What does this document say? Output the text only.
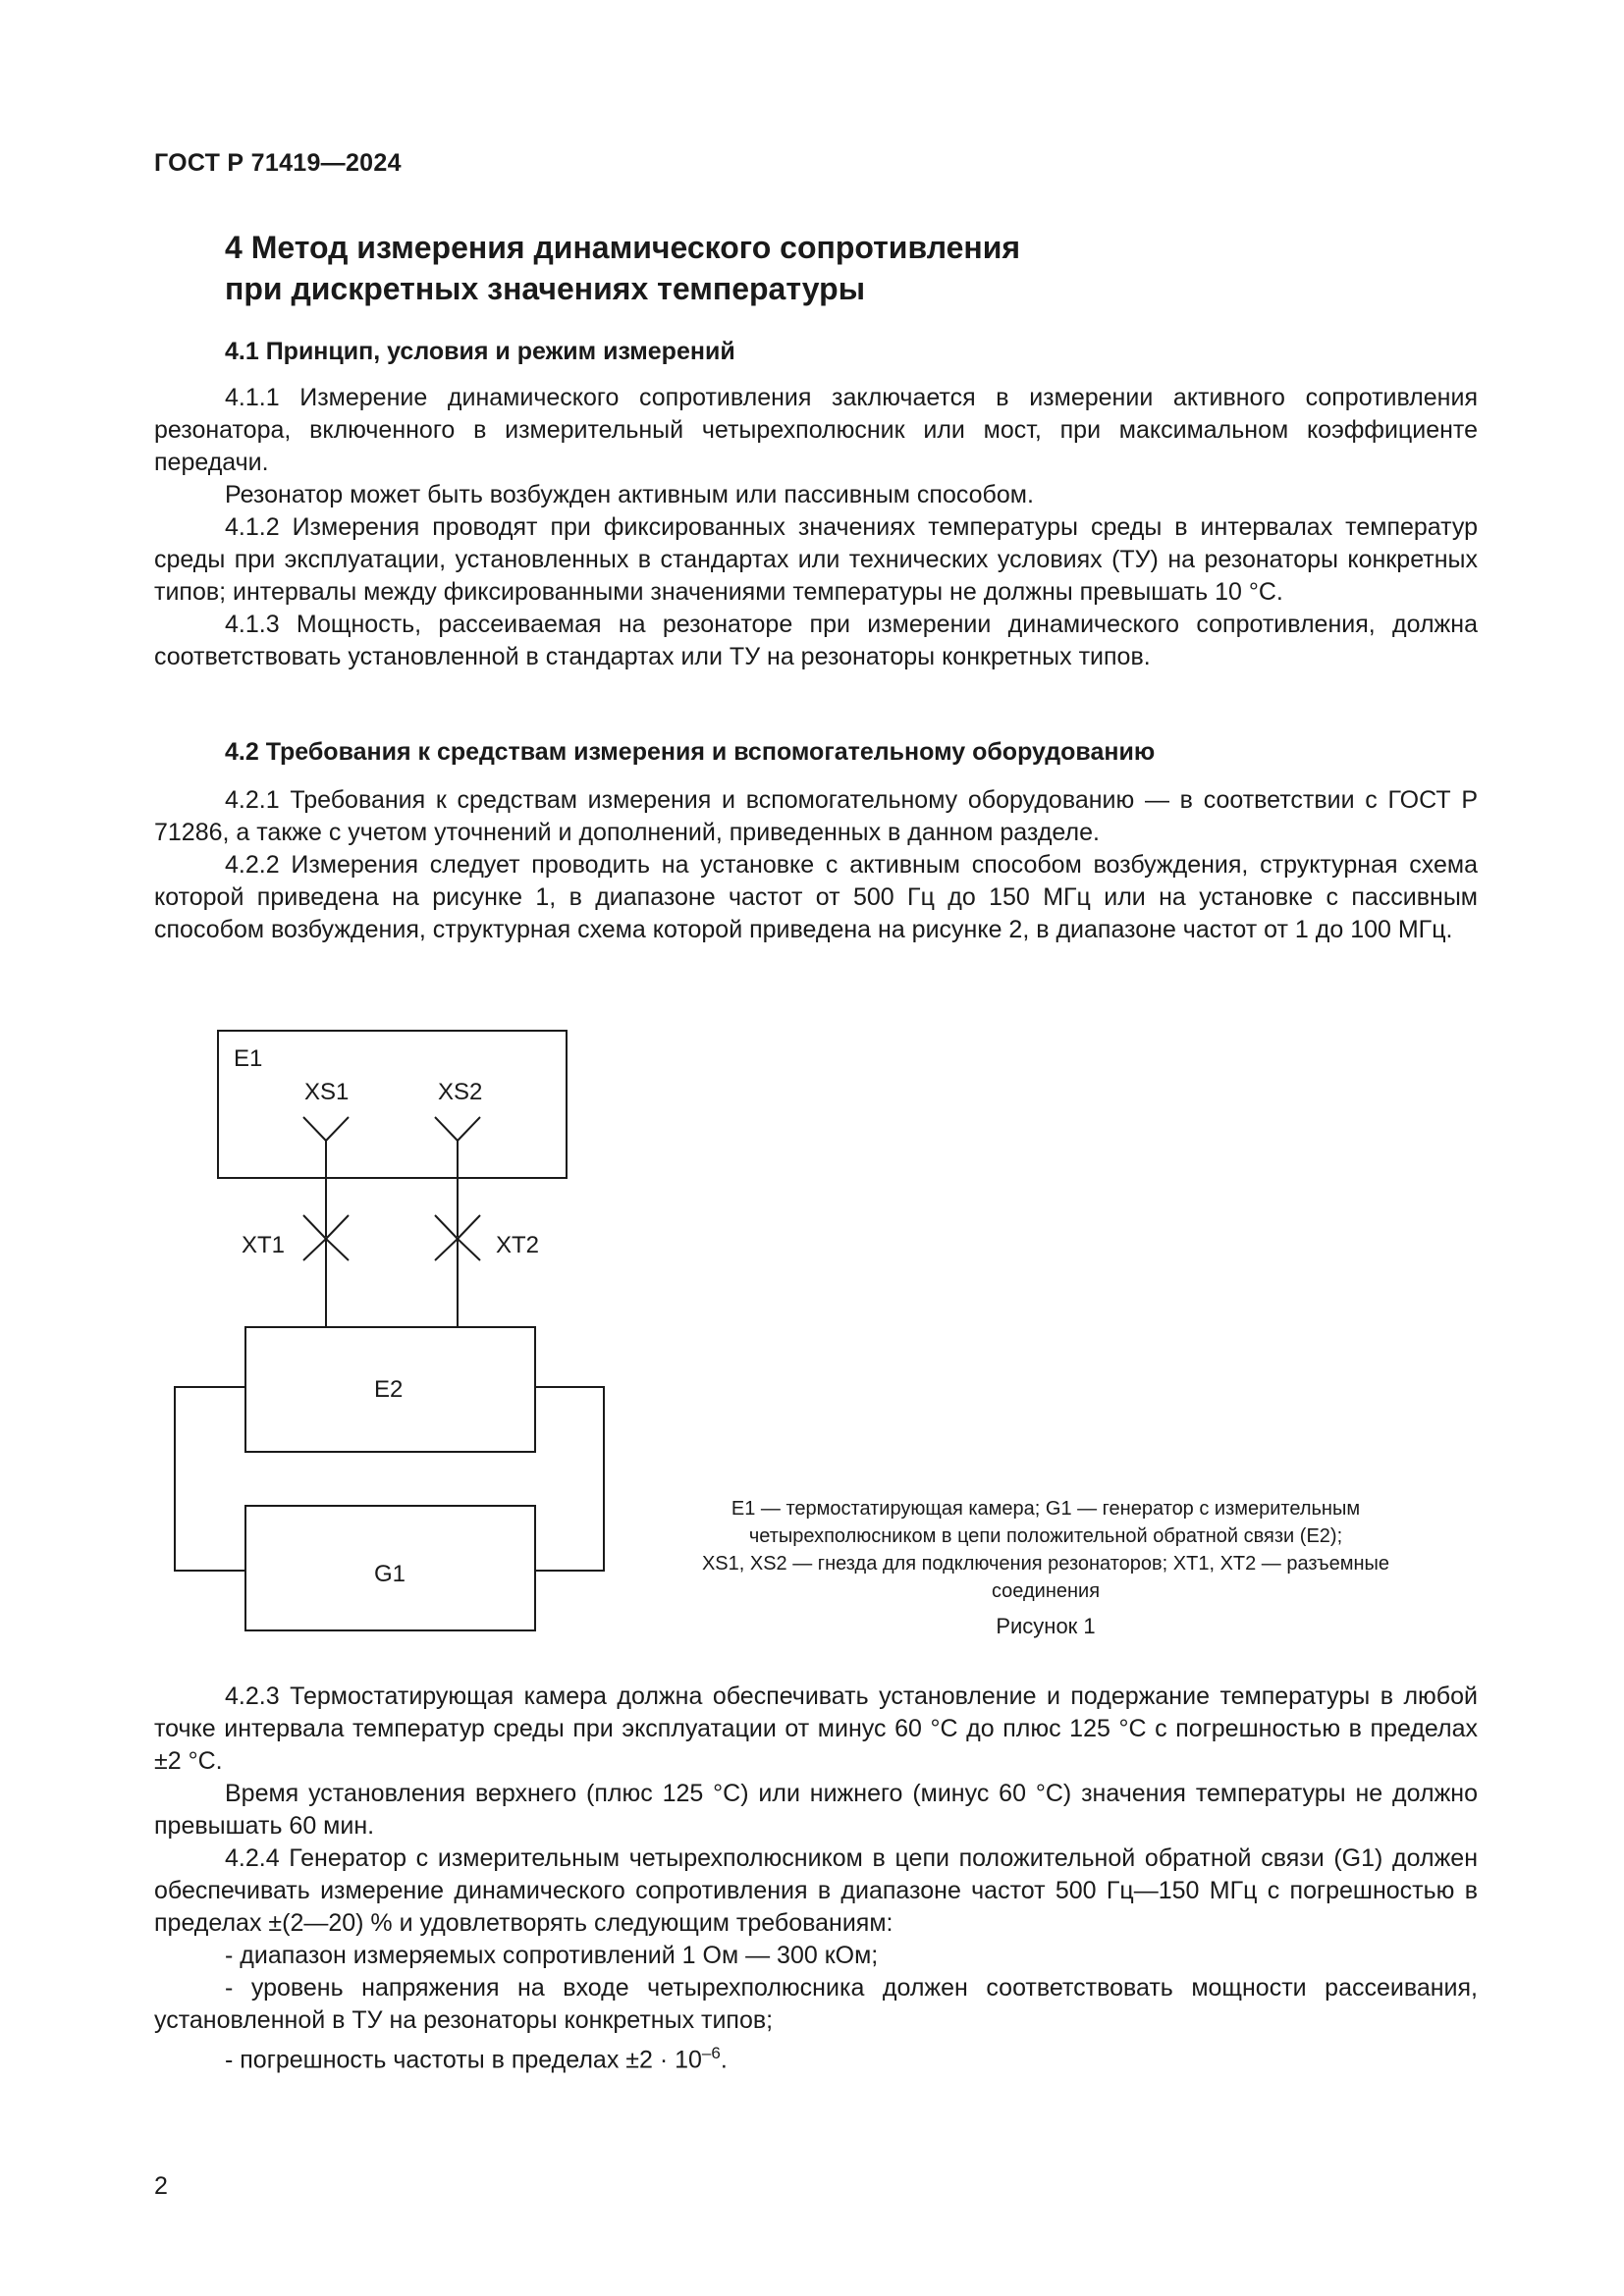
ГОСТ Р 71419—2024
4 Метод измерения динамического сопротивления
при дискретных значениях температуры
4.1 Принцип, условия и режим измерений

4.1.1 Измерение динамического сопротивления заключается в измерении активного сопротивления резонатора, включенного в измерительный четырехполюсник или мост, при максимальном коэффициенте передачи.

Резонатор может быть возбужден активным или пассивным способом.

4.1.2 Измерения проводят при фиксированных значениях температуры среды в интервалах температур среды при эксплуатации, установленных в стандартах или технических условиях (ТУ) на резонаторы конкретных типов; интервалы между фиксированными значениями температуры не должны превышать 10 °С.

4.1.3 Мощность, рассеиваемая на резонаторе при измерении динамического сопротивления, должна соответствовать установленной в стандартах или ТУ на резонаторы конкретных типов.

4.2 Требования к средствам измерения и вспомогательному оборудованию

4.2.1 Требования к средствам измерения и вспомогательному оборудованию — в соответствии с ГОСТ Р 71286, а также с учетом уточнений и дополнений, приведенных в данном разделе.

4.2.2 Измерения следует проводить на установке с активным способом возбуждения, структурная схема которой приведена на рисунке 1, в диапазоне частот от 500 Гц до 150 МГц или на установке с пассивным способом возбуждения, структурная схема которой приведена на рисунке 2, в диапазоне частот от 1 до 100 МГц.

E1
XS1	XS2
XT1	XT2
E2
G1
E1 — термостатирующая камера; G1 — генератор с измерительным
четырехполюсником в цепи положительной обратной связи (E2);
XS1, XS2 — гнезда для подключения резонаторов; XT1, XT2 — разъемные
соединения
Рисунок 1

4.2.3 Термостатирующая камера должна обеспечивать установление и подержание температуры в любой точке интервала температур среды при эксплуатации от минус 60 °С до плюс 125 °С с погрешностью в пределах ±2 °С.

Время установления верхнего (плюс 125 °С) или нижнего (минус 60 °С) значения температуры не должно превышать 60 мин.

4.2.4 Генератор с измерительным четырехполюсником в цепи положительной обратной связи (G1) должен обеспечивать измерение динамического сопротивления в диапазоне частот 500 Гц—150 МГц с погрешностью в пределах ±(2—20) % и удовлетворять следующим требованиям:

- диапазон измеряемых сопротивлений 1 Ом — 300 кОм;

- уровень напряжения на входе четырехполюсника должен соответствовать мощности рассеивания, установленной в ТУ на резонаторы конкретных типов;

- погрешность частоты в пределах $\pm 2 \cdot 10^{-6}$.

2
